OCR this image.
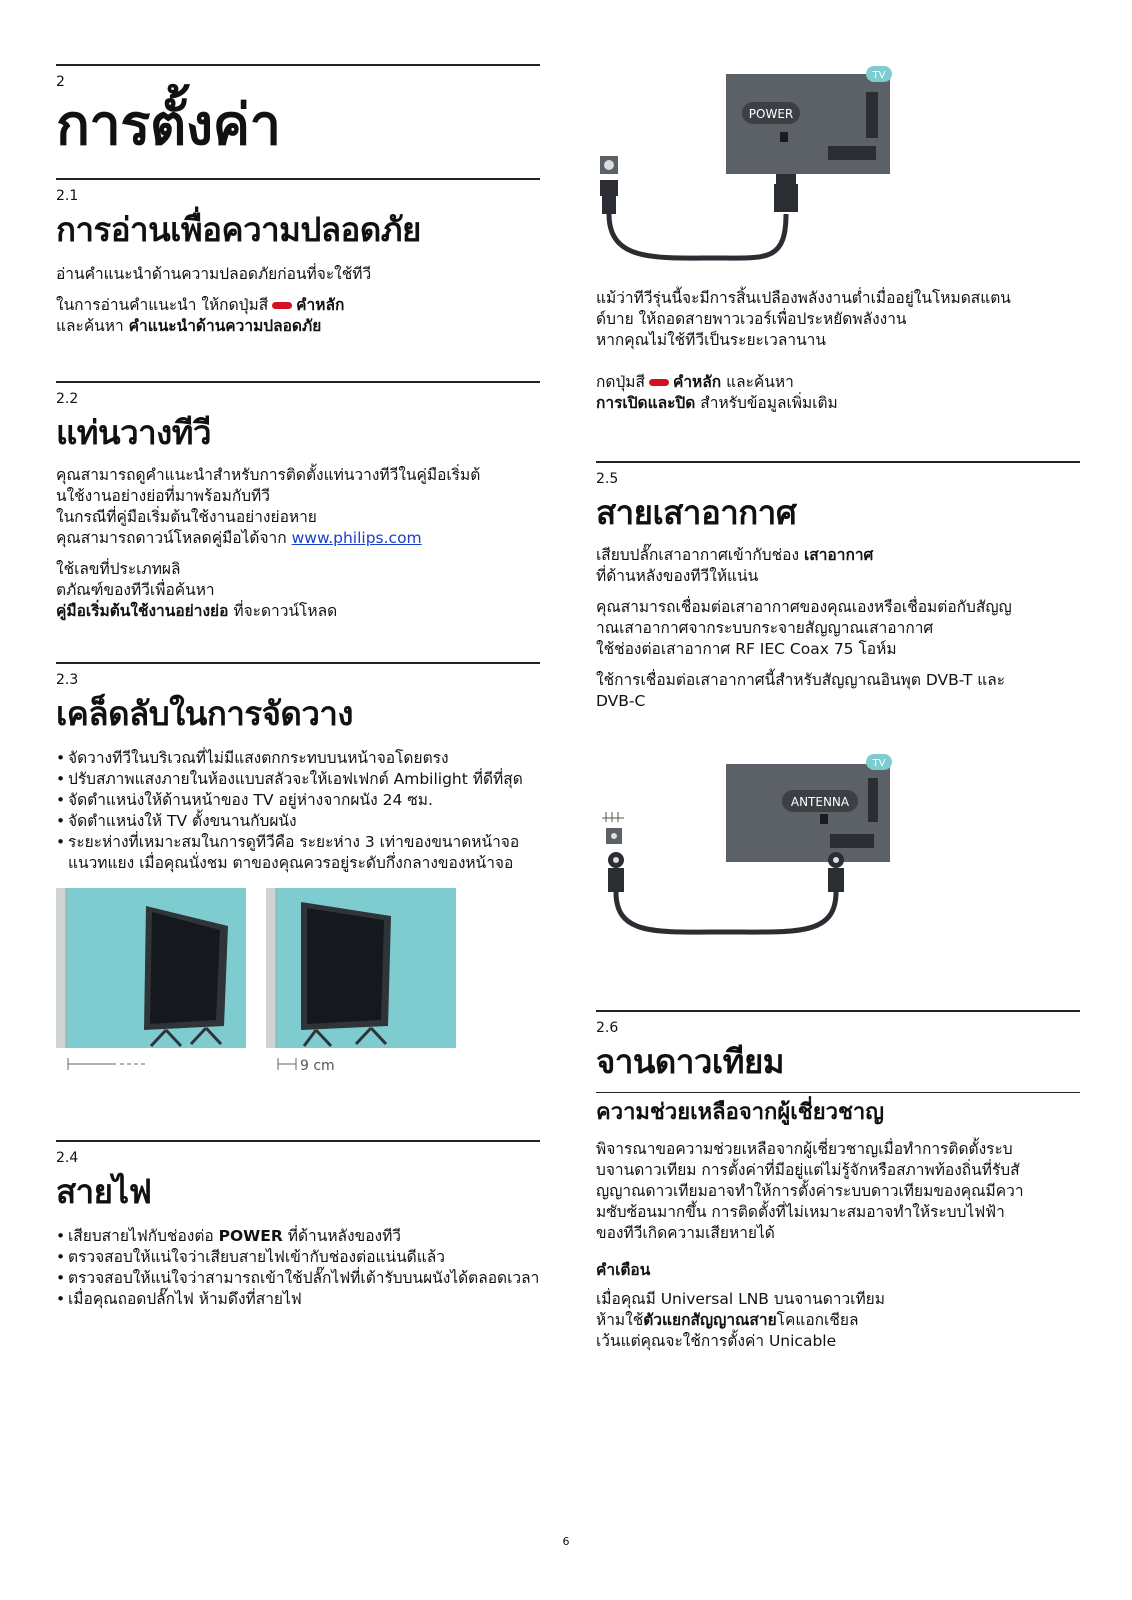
2
การตั้งค่า
2.1
การอ่านเพื่อความปลอดภัย

อ่านคำแนะนำด้านความปลอดภัยก่อนที่จะใช้ทีวี

ในการอ่านคำแนะนำ ให้กดปุ่มสี คำหลัก
และค้นหา คำแนะนำด้านความปลอดภัย

2.2
แท่นวางทีวี

คุณสามารถดูคำแนะนำสำหรับการติดตั้งแท่นวางทีวีในคู่มือเริ่มต้
นใช้งานอย่างย่อที่มาพร้อมกับทีวี
ในกรณีที่คู่มือเริ่มต้นใช้งานอย่างย่อหาย
คุณสามารถดาวน์โหลดคู่มือได้จาก www.philips.com

ใช้เลขที่ประเภทผลิ
ตภัณฑ์ของทีวีเพื่อค้นหา
คู่มือเริ่มต้นใช้งานอย่างย่อ ที่จะดาวน์โหลด

2.3
เคล็ดลับในการจัดวาง
• จัดวางทีวีในบริเวณที่ไม่มีแสงตกกระทบบนหน้าจอโดยตรง
• ปรับสภาพแสงภายในห้องแบบสลัวจะให้เอฟเฟกต์ Ambilight ที่ดีที่สุด
• จัดตำแหน่งให้ด้านหน้าของ TV อยู่ห่างจากผนัง 24 ซม.
• จัดตำแหน่งให้ TV ตั้งขนานกับผนัง
• ระยะห่างที่เหมาะสมในการดูทีวีคือ ระยะห่าง 3 เท่าของขนาดหน้าจอแนวทแยง เมื่อคุณนั่งชม ตาของคุณควรอยู่ระดับกึ่งกลางของหน้าจอ
9 cm
2.4
สายไฟ
• เสียบสายไฟกับช่องต่อ POWER ที่ด้านหลังของทีวี
• ตรวจสอบให้แน่ใจว่าเสียบสายไฟเข้ากับช่องต่อแน่นดีแล้ว
• ตรวจสอบให้แน่ใจว่าสามารถเข้าใช้ปลั๊กไฟที่เต้ารับบนผนังได้ตลอดเวลา
• เมื่อคุณถอดปลั๊กไฟ ห้ามดึงที่สายไฟ
TV
POWER

แม้ว่าทีวีรุ่นนี้จะมีการสิ้นเปลืองพลังงานต่ำเมื่ออยู่ในโหมดสแตน
ด์บาย ให้ถอดสายพาวเวอร์เพื่อประหยัดพลังงาน
หากคุณไม่ใช้ทีวีเป็นระยะเวลานาน

กดปุ่มสี คำหลัก และค้นหา
การเปิดและปิด สำหรับข้อมูลเพิ่มเติม

2.5
สายเสาอากาศ

เสียบปลั๊กเสาอากาศเข้ากับช่อง เสาอากาศ
ที่ด้านหลังของทีวีให้แน่น

คุณสามารถเชื่อมต่อเสาอากาศของคุณเองหรือเชื่อมต่อกับสัญญ
าณเสาอากาศจากระบบกระจายสัญญาณเสาอากาศ
ใช้ช่องต่อเสาอากาศ RF IEC Coax 75 โอห์ม

ใช้การเชื่อมต่อเสาอากาศนี้สำหรับสัญญาณอินพุต DVB-T และ
DVB-C

TV
ANTENNA
2.6
จานดาวเทียม
ความช่วยเหลือจากผู้เชี่ยวชาญ

พิจารณาขอความช่วยเหลือจากผู้เชี่ยวชาญเมื่อทำการติดตั้งระบ
บจานดาวเทียม การตั้งค่าที่มีอยู่แต่ไม่รู้จักหรือสภาพท้องถิ่นที่รับสั
ญญาณดาวเทียมอาจทำให้การตั้งค่าระบบดาวเทียมของคุณมีควา
มซับซ้อนมากขึ้น การติดตั้งที่ไม่เหมาะสมอาจทำให้ระบบไฟฟ้า
ของทีวีเกิดความเสียหายได้

คำเตือน

เมื่อคุณมี Universal LNB บนจานดาวเทียม
ห้ามใช้ตัวแยกสัญญาณสายโคแอกเชียล
เว้นแต่คุณจะใช้การตั้งค่า Unicable

6
